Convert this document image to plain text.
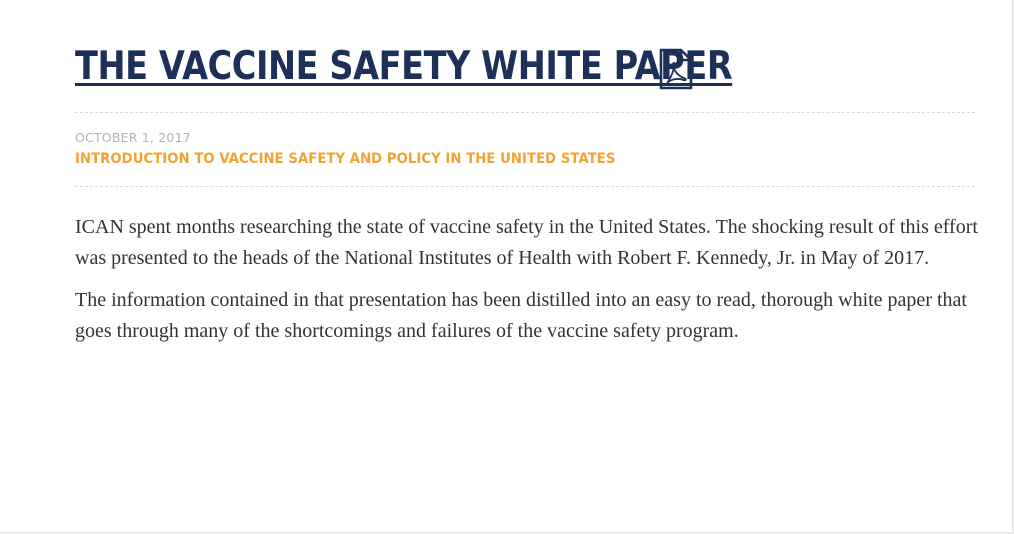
THE VACCINE SAFETY WHITE PAPER
OCTOBER 1, 2017
INTRODUCTION TO VACCINE SAFETY AND POLICY IN THE UNITED STATES

ICAN spent months researching the state of vaccine safety in the United States. The shocking result of this effort was presented to the heads of the National Institutes of Health with Robert F. Kennedy, Jr. in May of 2017.

The information contained in that presentation has been distilled into an easy to read, thorough white paper that goes through many of the shortcomings and failures of the vaccine safety program.
